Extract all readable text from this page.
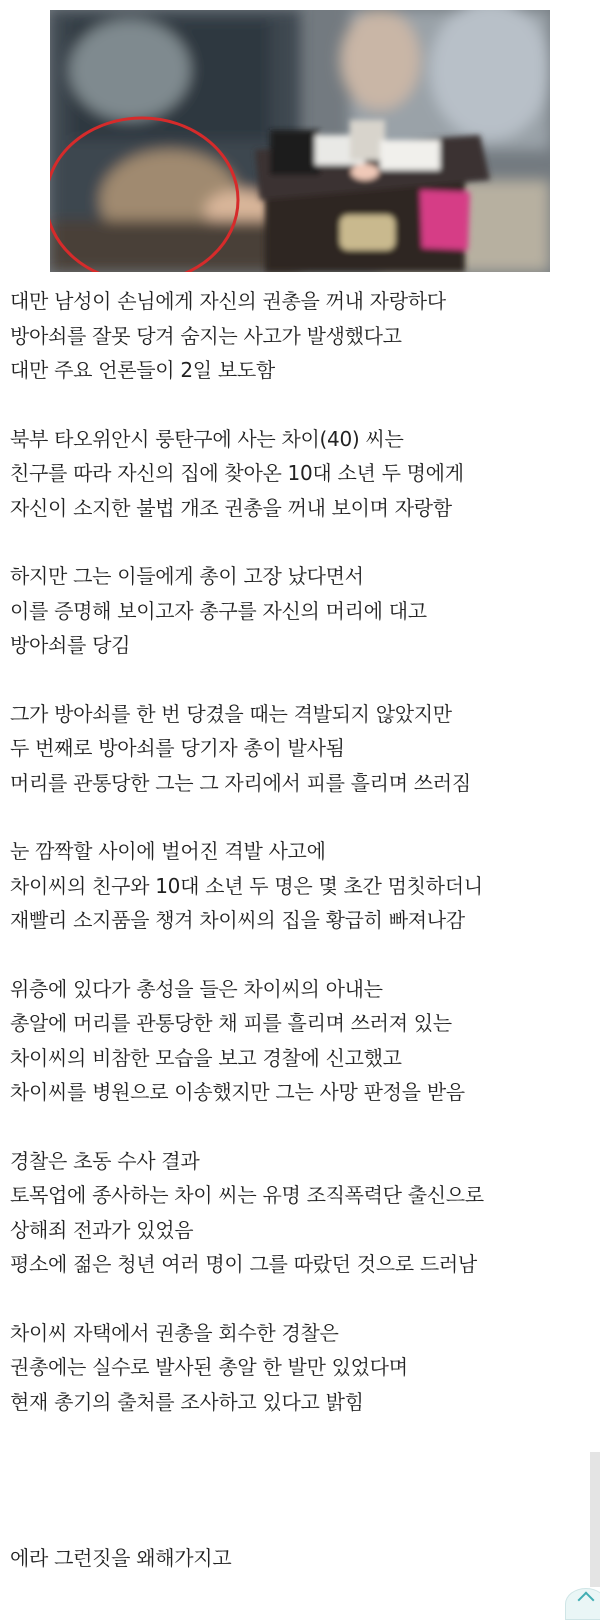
대만 남성이 손님에게 자신의 권총을 꺼내 자랑하다
방아쇠를 잘못 당겨 숨지는 사고가 발생했다고
대만 주요 언론들이 2일 보도함
북부 타오위안시 룽탄구에 사는 차이(40) 씨는
친구를 따라 자신의 집에 찾아온 10대 소년 두 명에게
자신이 소지한 불법 개조 권총을 꺼내 보이며 자랑함
하지만 그는 이들에게 총이 고장 났다면서
이를 증명해 보이고자 총구를 자신의 머리에 대고
방아쇠를 당김
그가 방아쇠를 한 번 당겼을 때는 격발되지 않았지만
두 번째로 방아쇠를 당기자 총이 발사됨
머리를 관통당한 그는 그 자리에서 피를 흘리며 쓰러짐
눈 깜짝할 사이에 벌어진 격발 사고에
차이씨의 친구와 10대 소년 두 명은 몇 초간 멈칫하더니
재빨리 소지품을 챙겨 차이씨의 집을 황급히 빠져나감
위층에 있다가 총성을 들은 차이씨의 아내는
총알에 머리를 관통당한 채 피를 흘리며 쓰러져 있는
차이씨의 비참한 모습을 보고 경찰에 신고했고
차이씨를 병원으로 이송했지만 그는 사망 판정을 받음
경찰은 초동 수사 결과
토목업에 종사하는 차이 씨는 유명 조직폭력단 출신으로
상해죄 전과가 있었음
평소에 젊은 청년 여러 명이 그를 따랐던 것으로 드러남
차이씨 자택에서 권총을 회수한 경찰은
권총에는 실수로 발사된 총알 한 발만 있었다며
현재 총기의 출처를 조사하고 있다고 밝힘
에라 그런짓을 왜해가지고
